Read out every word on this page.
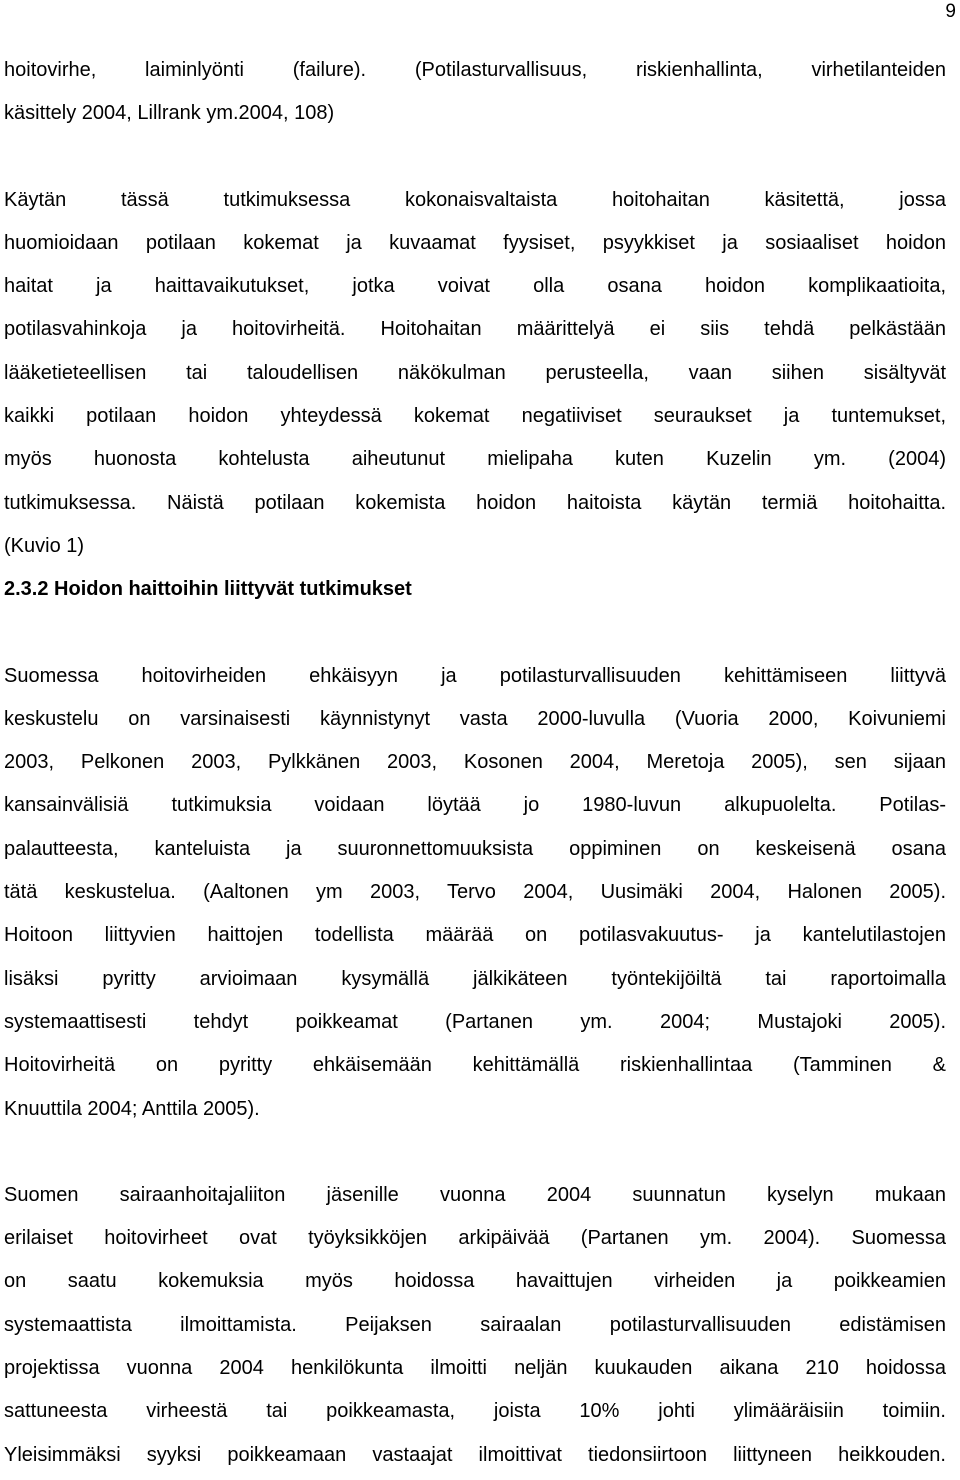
9
hoitovirhe, laiminlyönti (failure). (Potilasturvallisuus, riskienhallinta, virhetilanteiden
käsittely 2004, Lillrank ym.2004, 108)
Käytän tässä tutkimuksessa kokonaisvaltaista hoitohaitan käsitettä, jossa
huomioidaan potilaan kokemat ja kuvaamat fyysiset, psyykkiset ja sosiaaliset hoidon
haitat ja haittavaikutukset, jotka voivat olla osana hoidon komplikaatioita,
potilasvahinkoja ja hoitovirheitä. Hoitohaitan määrittelyä ei siis tehdä pelkästään
lääketieteellisen tai taloudellisen näkökulman perusteella, vaan siihen sisältyvät
kaikki potilaan hoidon yhteydessä kokemat negatiiviset seuraukset ja tuntemukset,
myös huonosta kohtelusta aiheutunut mielipaha kuten Kuzelin ym. (2004)
tutkimuksessa. Näistä potilaan kokemista hoidon haitoista käytän termiä hoitohaitta.
(Kuvio 1)
2.3.2 Hoidon haittoihin liittyvät tutkimukset
Suomessa hoitovirheiden ehkäisyyn ja potilasturvallisuuden kehittämiseen liittyvä
keskustelu on varsinaisesti käynnistynyt vasta 2000-luvulla (Vuoria 2000, Koivuniemi
2003, Pelkonen 2003, Pylkkänen 2003, Kosonen 2004, Meretoja 2005), sen sijaan
kansainvälisiä tutkimuksia voidaan löytää jo 1980-luvun alkupuolelta. Potilas-
palautteesta, kanteluista ja suuronnettomuuksista oppiminen on keskeisenä osana
tätä keskustelua. (Aaltonen ym 2003, Tervo 2004, Uusimäki 2004, Halonen 2005).
Hoitoon liittyvien haittojen todellista määrää on potilasvakuutus- ja kantelutilastojen
lisäksi pyritty arvioimaan kysymällä jälkikäteen työntekijöiltä tai raportoimalla
systemaattisesti tehdyt poikkeamat (Partanen ym. 2004; Mustajoki 2005).
Hoitovirheitä on pyritty ehkäisemään kehittämällä riskienhallintaa (Tamminen &
Knuuttila 2004; Anttila 2005).
Suomen sairaanhoitajaliiton jäsenille vuonna 2004 suunnatun kyselyn mukaan
erilaiset hoitovirheet ovat työyksikköjen arkipäivää (Partanen ym. 2004). Suomessa
on saatu kokemuksia myös hoidossa havaittujen virheiden ja poikkeamien
systemaattista ilmoittamista. Peijaksen sairaalan potilasturvallisuuden edistämisen
projektissa vuonna 2004 henkilökunta ilmoitti neljän kuukauden aikana 210 hoidossa
sattuneesta virheestä tai poikkeamasta, joista 10% johti ylimääräisiin toimiin.
Yleisimmäksi syyksi poikkeamaan vastaajat ilmoittivat tiedonsiirtoon liittyneen heikkouden.
